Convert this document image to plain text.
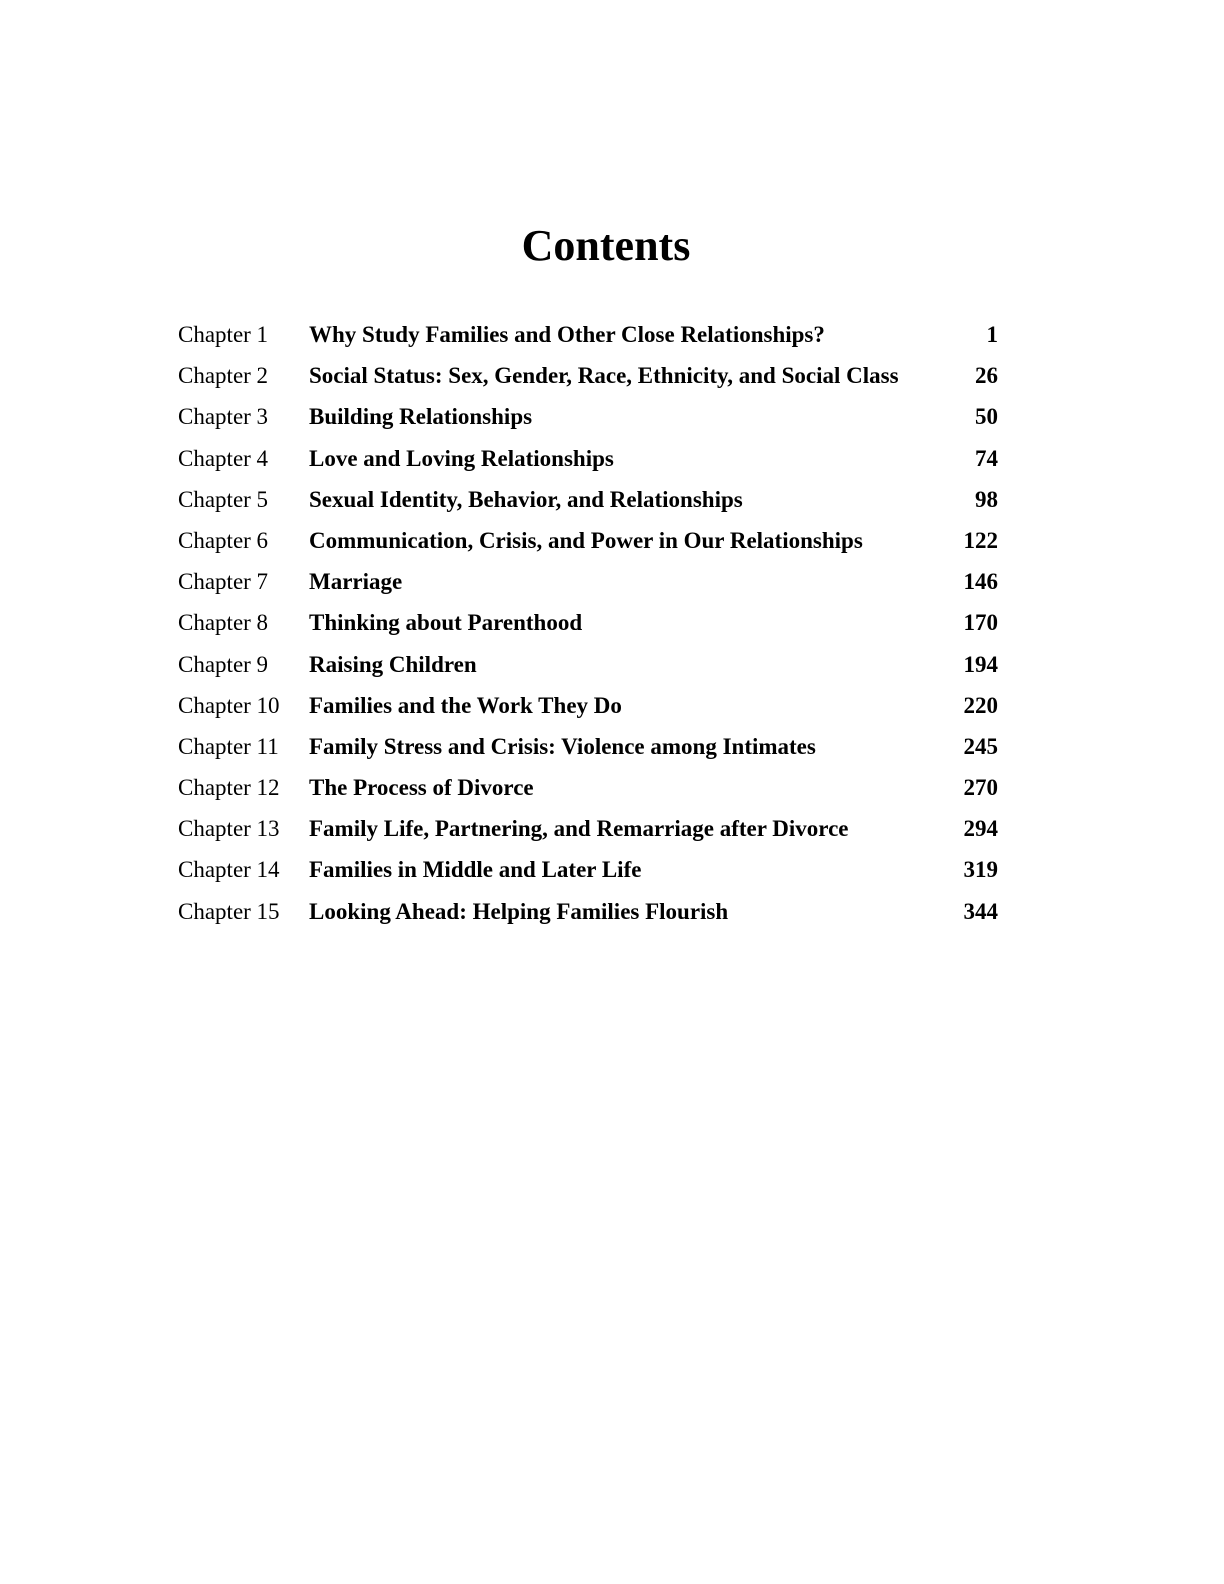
Contents
Chapter 1 Why Study Families and Other Close Relationships?	1
Chapter 2 Social Status: Sex, Gender, Race, Ethnicity, and Social Class	26
Chapter 3 Building Relationships	50
Chapter 4 Love and Loving Relationships	74
Chapter 5 Sexual Identity, Behavior, and Relationships	98
Chapter 6 Communication, Crisis, and Power in Our Relationships	122
Chapter 7 Marriage	146
Chapter 8 Thinking about Parenthood	170
Chapter 9 Raising Children	194
Chapter 10 Families and the Work They Do	220
Chapter 11 Family Stress and Crisis: Violence among Intimates	245
Chapter 12 The Process of Divorce	270
Chapter 13 Family Life, Partnering, and Remarriage after Divorce	294
Chapter 14 Families in Middle and Later Life	319
Chapter 15 Looking Ahead: Helping Families Flourish	344
